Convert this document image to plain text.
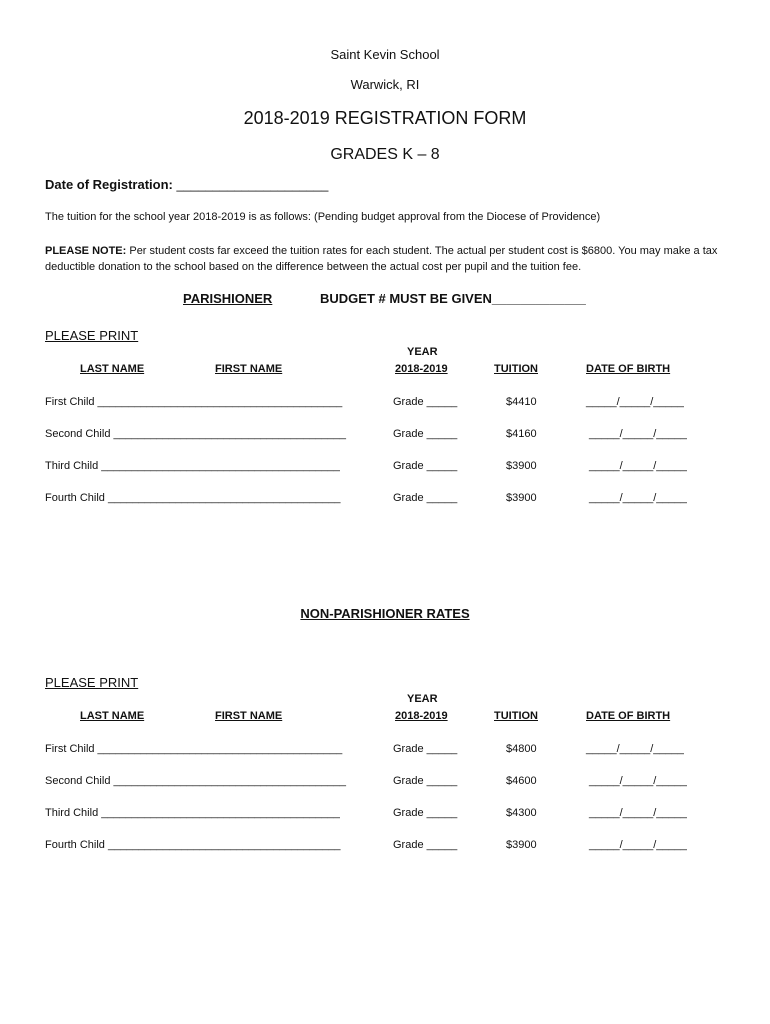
Saint Kevin School
Warwick, RI
2018-2019 REGISTRATION FORM
GRADES K – 8
Date of Registration: _____________________
The tuition for the school year 2018-2019 is as follows: (Pending budget approval from the Diocese of Providence)
PLEASE NOTE: Per student costs far exceed the tuition rates for each student. The actual per student cost is $6800. You may make a tax deductible donation to the school based on the difference between the actual cost per pupil and the tuition fee.
PARISHIONER	BUDGET # MUST BE GIVEN_____________
PLEASE PRINT
YEAR
LAST NAME	FIRST NAME	2018-2019	TUITION	DATE OF BIRTH
First Child ________________________________________	Grade _____	$4410	_____/_____/_____
Second Child ______________________________________	Grade _____	$4160	_____/_____/_____
Third Child _______________________________________	Grade _____	$3900	_____/_____/_____
Fourth Child ______________________________________	Grade _____	$3900	_____/_____/_____
NON-PARISHIONER RATES
PLEASE PRINT
YEAR
LAST NAME	FIRST NAME	2018-2019	TUITION	DATE OF BIRTH
First Child ________________________________________	Grade _____	$4800	_____/_____/_____
Second Child ______________________________________	Grade _____	$4600	_____/_____/_____
Third Child _______________________________________	Grade _____	$4300	_____/_____/_____
Fourth Child ______________________________________	Grade _____	$3900	_____/_____/_____
